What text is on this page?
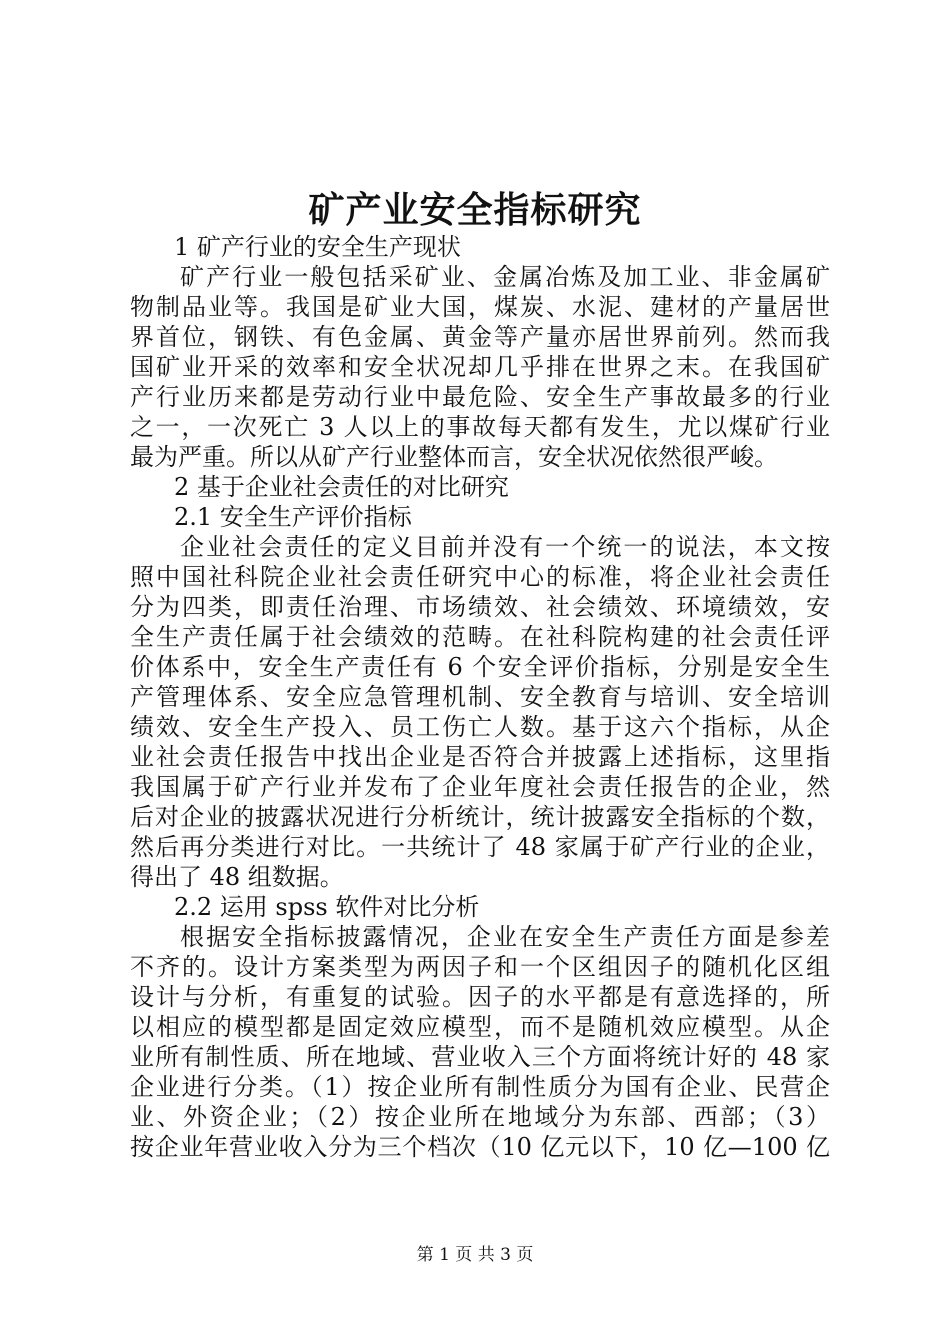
矿产业安全指标研究
1 矿产行业的安全生产现状
矿产行业一般包括采矿业、金属冶炼及加工业、非金属矿
物制品业等。我国是矿业大国，煤炭、水泥、建材的产量居世
界首位，钢铁、有色金属、黄金等产量亦居世界前列。然而我
国矿业开采的效率和安全状况却几乎排在世界之末。在我国矿
产行业历来都是劳动行业中最危险、安全生产事故最多的行业
之一，一次死亡 3 人以上的事故每天都有发生，尤以煤矿行业
最为严重。所以从矿产行业整体而言，安全状况依然很严峻。
2 基于企业社会责任的对比研究
2.1 安全生产评价指标
企业社会责任的定义目前并没有一个统一的说法，本文按
照中国社科院企业社会责任研究中心的标准，将企业社会责任
分为四类，即责任治理、市场绩效、社会绩效、环境绩效，安
全生产责任属于社会绩效的范畴。在社科院构建的社会责任评
价体系中，安全生产责任有 6 个安全评价指标，分别是安全生
产管理体系、安全应急管理机制、安全教育与培训、安全培训
绩效、安全生产投入、员工伤亡人数。基于这六个指标，从企
业社会责任报告中找出企业是否符合并披露上述指标，这里指
我国属于矿产行业并发布了企业年度社会责任报告的企业，然
后对企业的披露状况进行分析统计，统计披露安全指标的个数，
然后再分类进行对比。一共统计了 48 家属于矿产行业的企业，
得出了 48 组数据。
2.2 运用 spss 软件对比分析
根据安全指标披露情况，企业在安全生产责任方面是参差
不齐的。设计方案类型为两因子和一个区组因子的随机化区组
设计与分析，有重复的试验。因子的水平都是有意选择的，所
以相应的模型都是固定效应模型，而不是随机效应模型。从企
业所有制性质、所在地域、营业收入三个方面将统计好的 48 家
企业进行分类。（1）按企业所有制性质分为国有企业、民营企
业、外资企业；（2）按企业所在地域分为东部、西部；（3）
按企业年营业收入分为三个档次（10 亿元以下，10 亿—100 亿
第 1 页 共 3 页
